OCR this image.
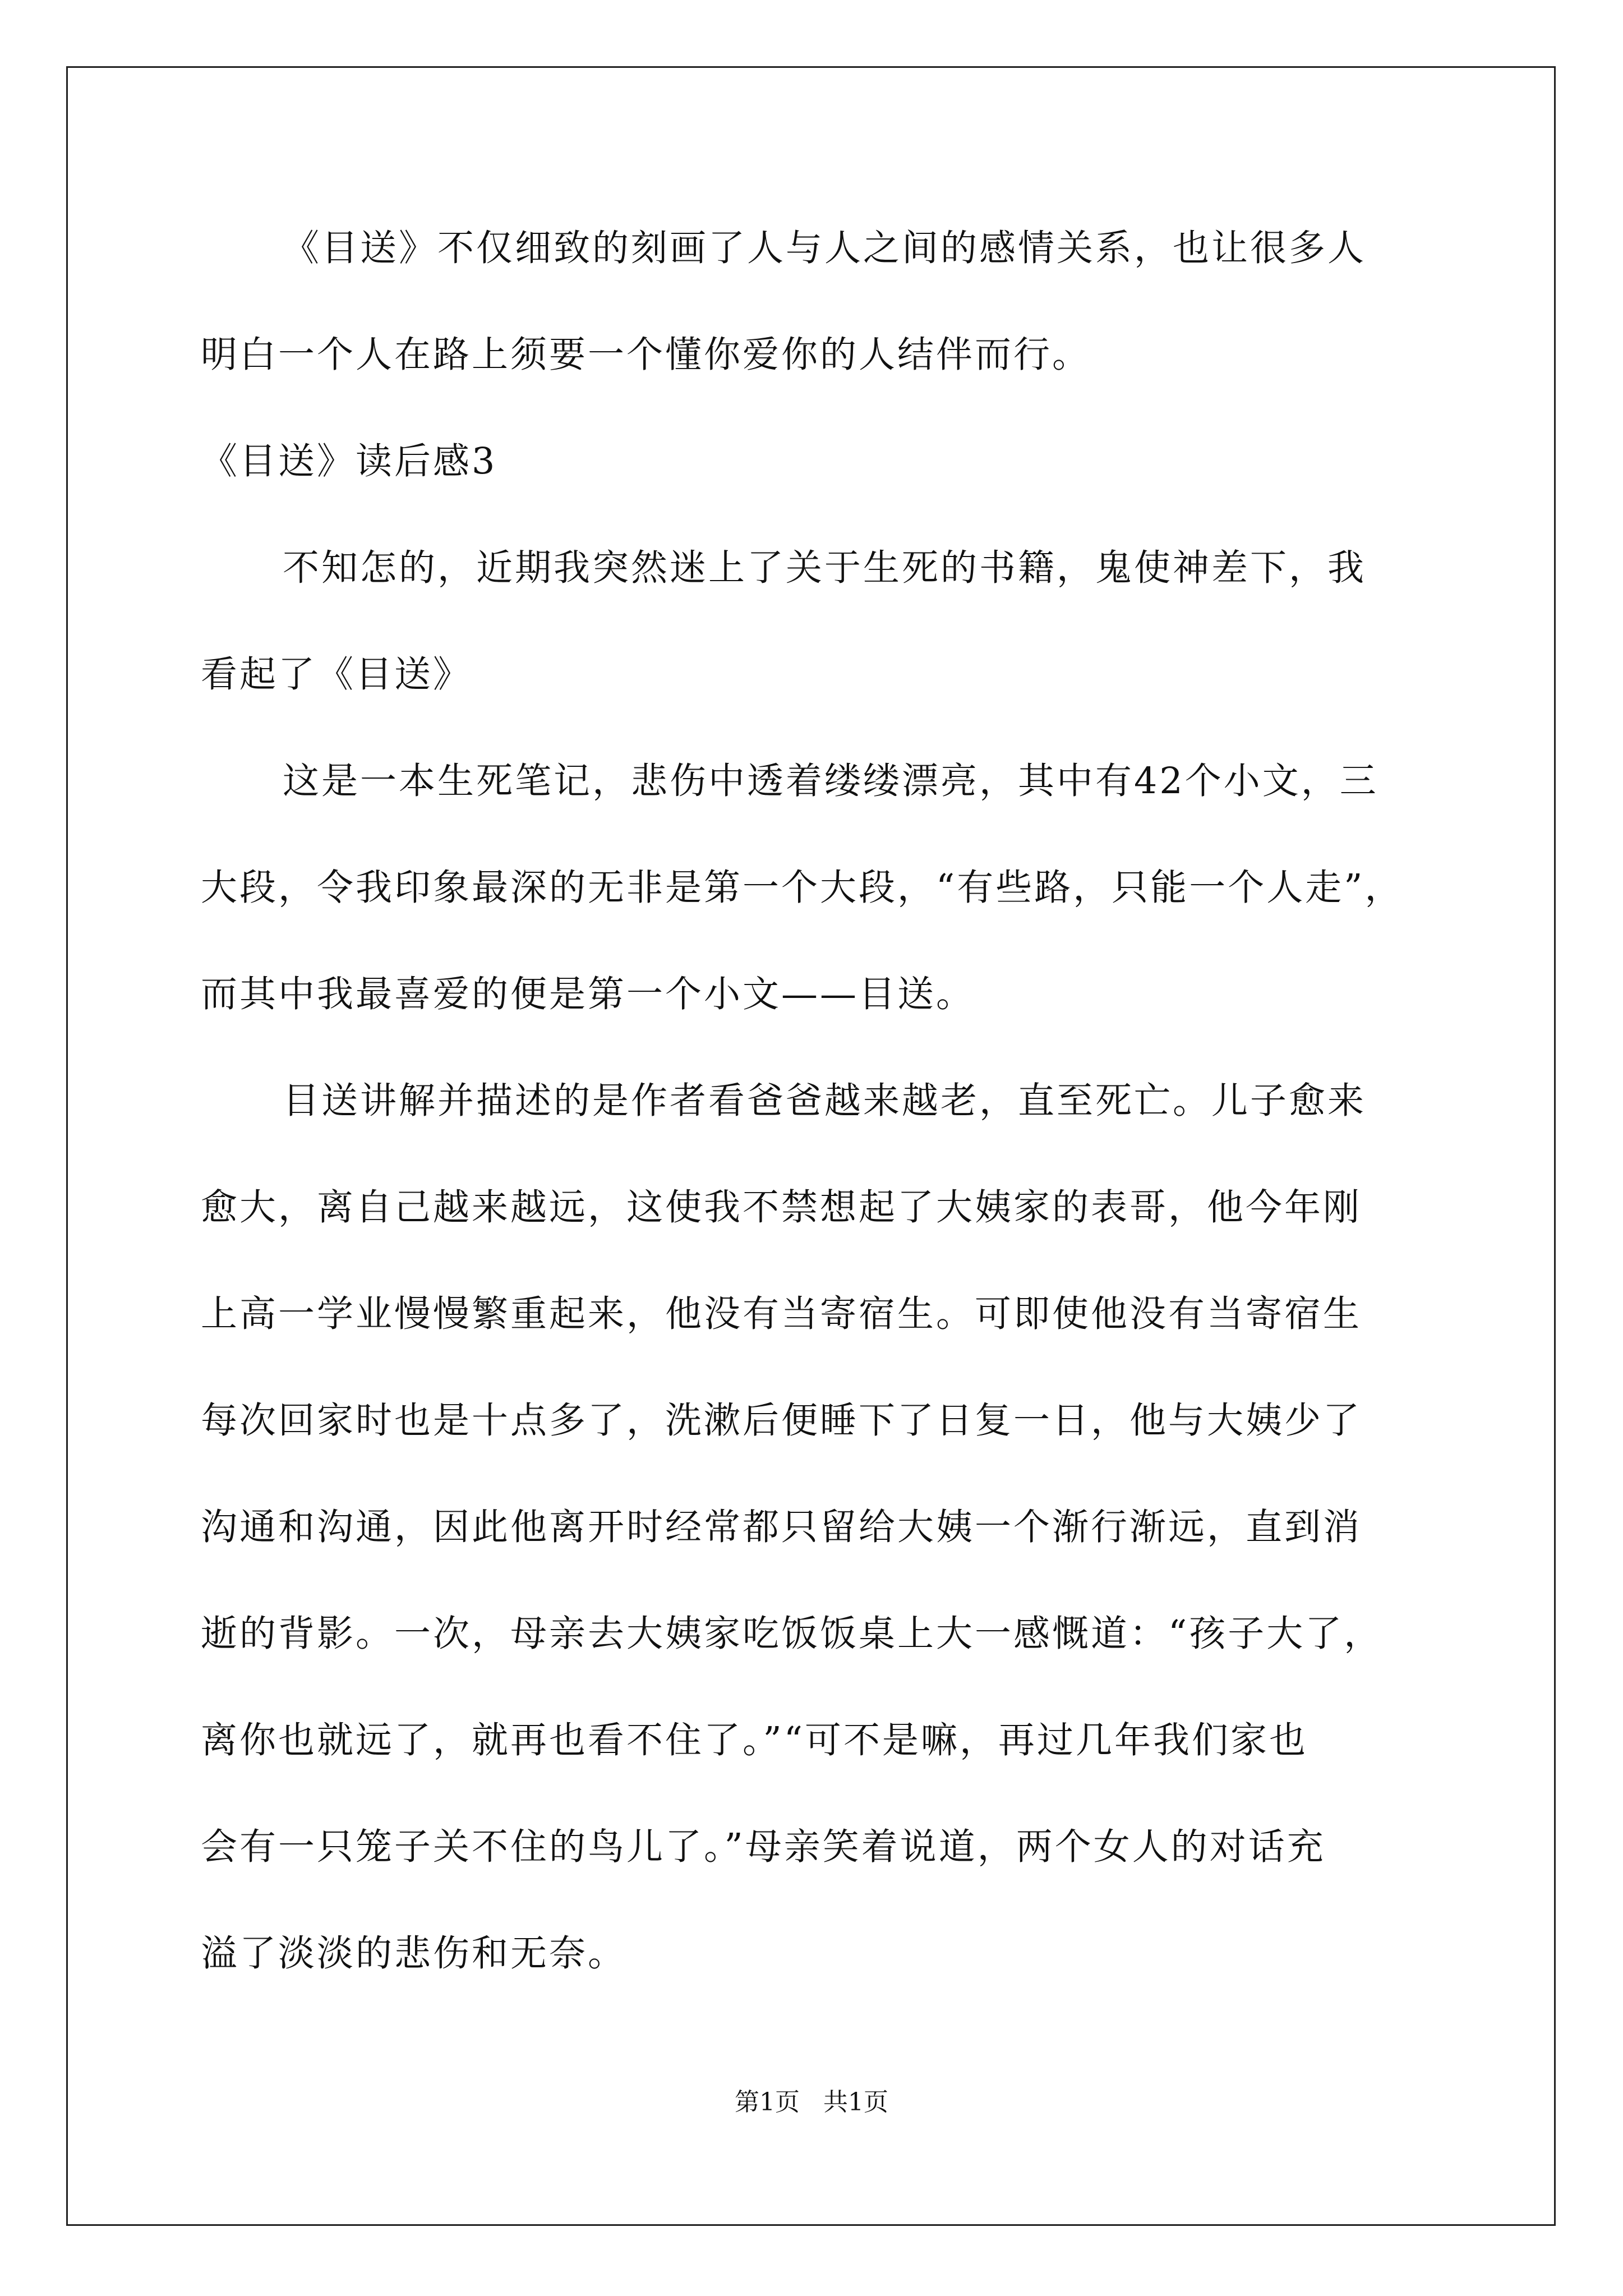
《目送》不仅细致的刻画了人与人之间的感情关系，也让很多人
明白一个人在路上须要一个懂你爱你的人结伴而行。
《目送》读后感3
不知怎的，近期我突然迷上了关于生死的书籍，鬼使神差下，我
看起了《目送》
这是一本生死笔记，悲伤中透着缕缕漂亮，其中有42个小文，三
大段，令我印象最深的无非是第一个大段，“有些路，只能一个人走”，
而其中我最喜爱的便是第一个小文——目送。
目送讲解并描述的是作者看爸爸越来越老，直至死亡。儿子愈来
愈大，离自己越来越远，这使我不禁想起了大姨家的表哥，他今年刚
上高一学业慢慢繁重起来，他没有当寄宿生。可即使他没有当寄宿生
每次回家时也是十点多了，洗漱后便睡下了日复一日，他与大姨少了
沟通和沟通，因此他离开时经常都只留给大姨一个渐行渐远，直到消
逝的背影。一次，母亲去大姨家吃饭饭桌上大一感慨道：“孩子大了，
离你也就远了，就再也看不住了。”“可不是嘛，再过几年我们家也
会有一只笼子关不住的鸟儿了。”母亲笑着说道，两个女人的对话充
溢了淡淡的悲伤和无奈。
第1页   共1页
